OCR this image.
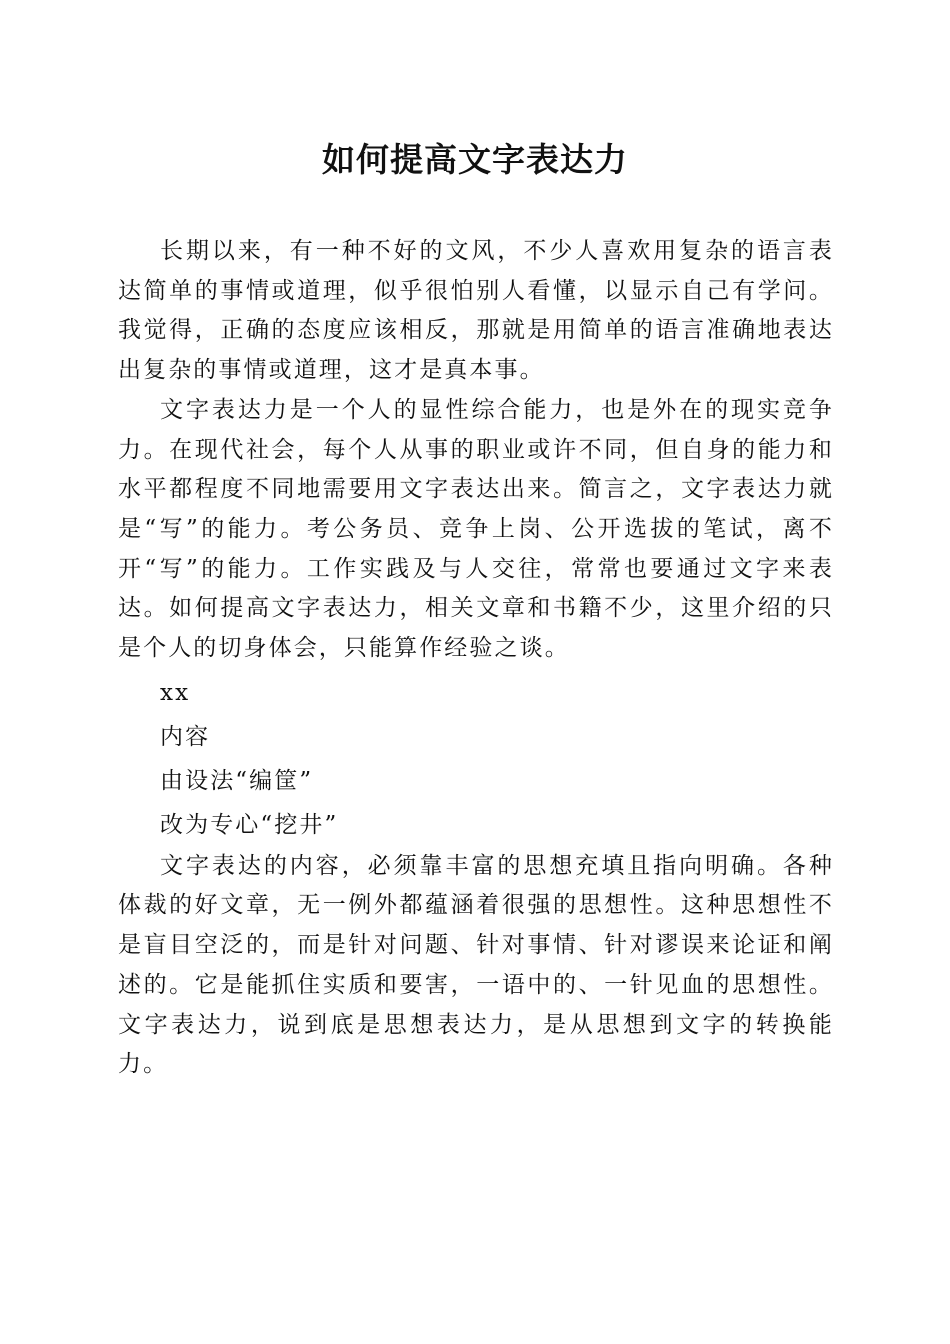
如何提高文字表达力

长期以来，有一种不好的文风，不少人喜欢用复杂的语言表达简单的事情或道理，似乎很怕别人看懂，以显示自己有学问。我觉得，正确的态度应该相反，那就是用简单的语言准确地表达出复杂的事情或道理，这才是真本事。

文字表达力是一个人的显性综合能力，也是外在的现实竞争力。在现代社会，每个人从事的职业或许不同，但自身的能力和水平都程度不同地需要用文字表达出来。简言之，文字表达力就是“写”的能力。考公务员、竞争上岗、公开选拔的笔试，离不开“写”的能力。工作实践及与人交往，常常也要通过文字来表达。如何提高文字表达力，相关文章和书籍不少，这里介绍的只是个人的切身体会，只能算作经验之谈。

xx

内容

由设法“编筐”

改为专心“挖井”

文字表达的内容，必须靠丰富的思想充填且指向明确。各种体裁的好文章，无一例外都蕴涵着很强的思想性。这种思想性不是盲目空泛的，而是针对问题、针对事情、针对谬误来论证和阐述的。它是能抓住实质和要害，一语中的、一针见血的思想性。文字表达力，说到底是思想表达力，是从思想到文字的转换能力。
